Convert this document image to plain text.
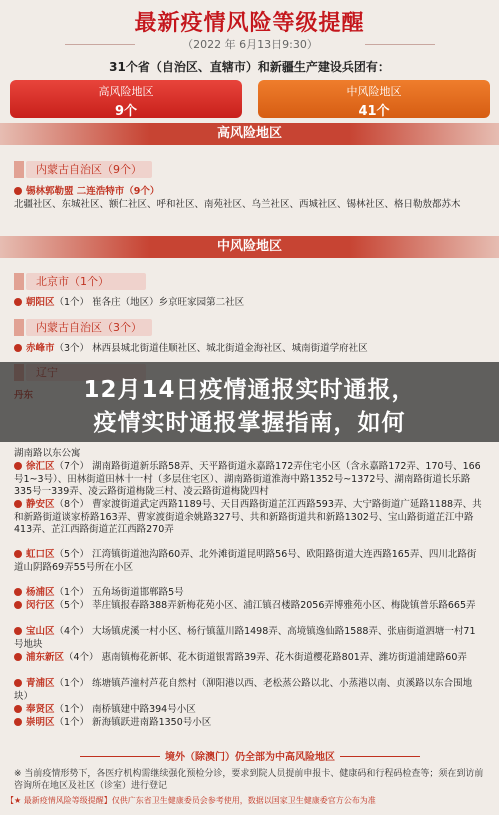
最新疫情风险等级提醒
（2022 年 6月13日9:30）
31个省（自治区、直辖市）和新疆生产建设兵团有：
高风险地区
9个
中风险地区
41个
高风险地区
内蒙古自治区（9个）
锡林郭勒盟 二连浩特市（9个）
北疆社区、东城社区、额仁社区、呼和社区、南苑社区、乌兰社区、西城社区、锡林社区、格日勒敖都苏木
中风险地区
北京市（1个）
朝阳区（1个） 崔各庄（地区）乡京旺家园第二社区
内蒙古自治区（3个）
赤峰市（3个） 林西县城北街道佳顺社区、城北街道金海社区、城南街道学府社区
湖南路以东公寓
徐汇区（7个） 湖南路街道新乐路58弄、天平路街道永嘉路172弄住宅小区（含永嘉路172弄、170号、166号1~3号）、田林街道田林十一村（多层住宅区）、湖南路街道淮海中路1352号~1372号、湖南路街道长乐路335号一339弄、凌云路街道梅陇三村、凌云路街道梅陇四村
静安区（8个） 曹家渡街道武定西路1189号、天目西路街道芷江西路593弄、大宁路街道广延路1188弄、共和新路街道谈家桥路163弄、曹家渡街道余姚路327号、共和新路街道共和新路1302号、宝山路街道芷江中路413弄、芷江西路街道芷江西路270弄
虹口区（5个） 江湾镇街道池沟路60弄、北外滩街道昆明路56号、欧阳路街道大连西路165弄、四川北路街道山阴路69弄55号所在小区
杨浦区（1个） 五角场街道邯郸路5号
闵行区（5个） 莘庄镇报春路388弄新梅花苑小区、浦江镇召楼路2056弄博雅苑小区、梅陇镇普乐路665弄
宝山区（4个） 大场镇虎溪一村小区、杨行镇蕰川路1498弄、高境镇逸仙路1588弄、张庙街道泗塘一村71号地块
浦东新区（4个） 惠南镇梅花新邨、花木街道银霄路39弄、花木街道樱花路801弄、潍坊街道浦建路60弄
青浦区（1个） 练塘镇芦潼村芦花自然村（泖阳港以西、老松蒸公路以北、小蒸港以南、贞溪路以东合围地块）
奉贤区（1个） 南桥镇建中路394号小区
崇明区（1个） 新海镇跃进南路1350号小区
12月14日疫情通报实时通报，
疫情实时通报掌握指南，如何
境外（除澳门）仍全部为中高风险地区
※ 当前疫情形势下，各医疗机构需继续强化预检分诊，要求到院人员提前申报卡、健康码和行程码检查等；须在到访前咨询所在地区及社区（诊室）进行登记
【★ 最新疫情风险等级提醒】仅供广东省卫生健康委员会参考使用，数据以国家卫生健康委官方公布为准
